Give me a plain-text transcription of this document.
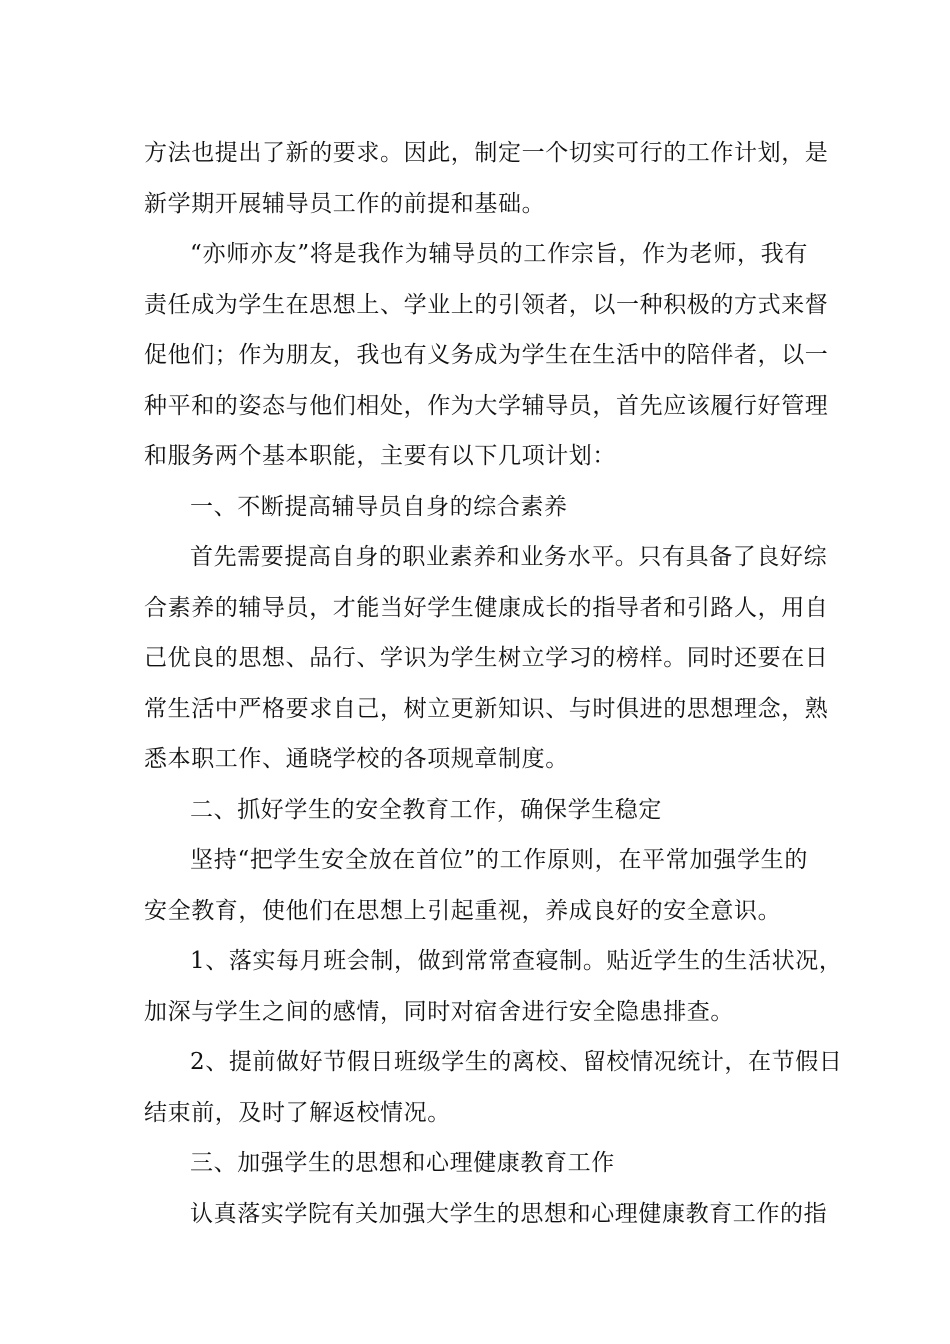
方法也提出了新的要求。因此，制定一个切实可行的工作计划，是
新学期开展辅导员工作的前提和基础。
“亦师亦友”将是我作为辅导员的工作宗旨，作为老师，我有
责任成为学生在思想上、学业上的引领者，以一种积极的方式来督
促他们；作为朋友，我也有义务成为学生在生活中的陪伴者，以一
种平和的姿态与他们相处，作为大学辅导员，首先应该履行好管理
和服务两个基本职能，主要有以下几项计划：
一、不断提高辅导员自身的综合素养
首先需要提高自身的职业素养和业务水平。只有具备了良好综
合素养的辅导员，才能当好学生健康成长的指导者和引路人，用自
己优良的思想、品行、学识为学生树立学习的榜样。同时还要在日
常生活中严格要求自己，树立更新知识、与时俱进的思想理念，熟
悉本职工作、通晓学校的各项规章制度。
二、抓好学生的安全教育工作，确保学生稳定
坚持“把学生安全放在首位”的工作原则，在平常加强学生的
安全教育，使他们在思想上引起重视，养成良好的安全意识。
1、落实每月班会制，做到常常查寝制。贴近学生的生活状况，
加深与学生之间的感情，同时对宿舍进行安全隐患排查。
2、提前做好节假日班级学生的离校、留校情况统计，在节假日
结束前，及时了解返校情况。
三、加强学生的思想和心理健康教育工作
认真落实学院有关加强大学生的思想和心理健康教育工作的指
